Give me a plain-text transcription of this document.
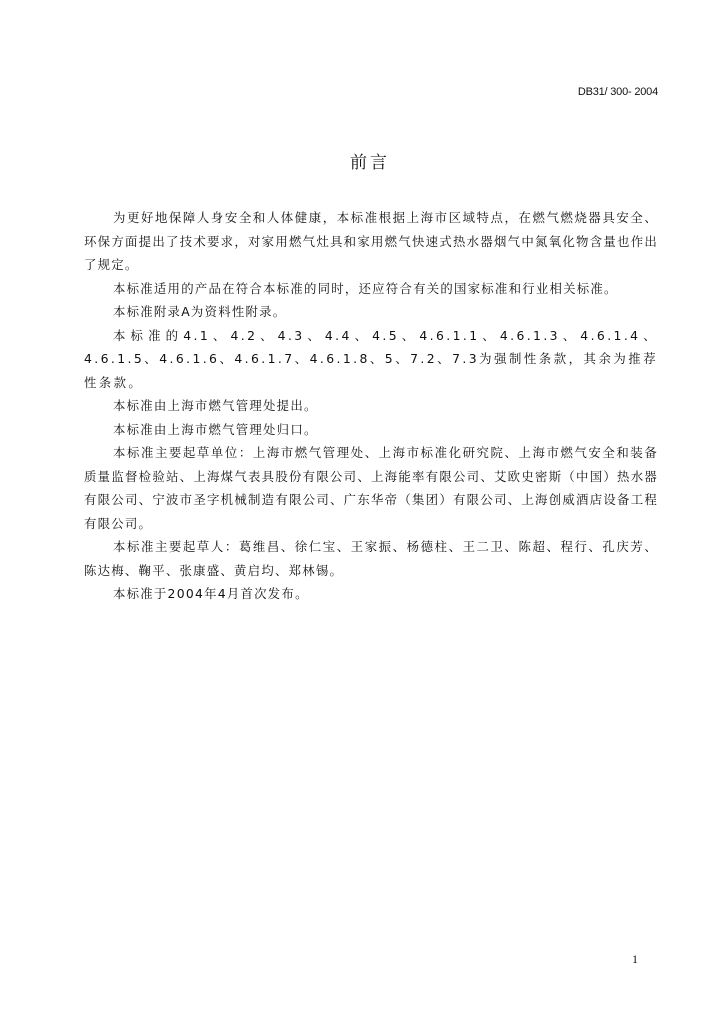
DB31/ 300- 2004
前言

为更好地保障人身安全和人体健康，本标准根据上海市区域特点，在燃气燃烧器具安全、环保方面提出了技术要求，对家用燃气灶具和家用燃气快速式热水器烟气中氮氧化物含量也作出了规定。

本标准适用的产品在符合本标准的同时，还应符合有关的国家标准和行业相关标准。

本标准附录A为资料性附录。

本标准的4.1、4.2、4.3、4.4、4.5、4.6.1.1、4.6.1.3、4.6.1.4、4.6.1.5、4.6.1.6、4.6.1.7、4.6.1.8、5、7.2、7.3为强制性条款，其余为推荐性条款。

本标准由上海市燃气管理处提出。

本标准由上海市燃气管理处归口。

本标准主要起草单位：上海市燃气管理处、上海市标准化研究院、上海市燃气安全和装备质量监督检验站、上海煤气表具股份有限公司、上海能率有限公司、艾欧史密斯（中国）热水器有限公司、宁波市圣字机械制造有限公司、广东华帝（集团）有限公司、上海创威酒店设备工程有限公司。

本标准主要起草人：葛维昌、徐仁宝、王家振、杨德柱、王二卫、陈超、程行、孔庆芳、陈达梅、鞠平、张康盛、黄启均、郑林锡。

本标准于2004年4月首次发布。

1
